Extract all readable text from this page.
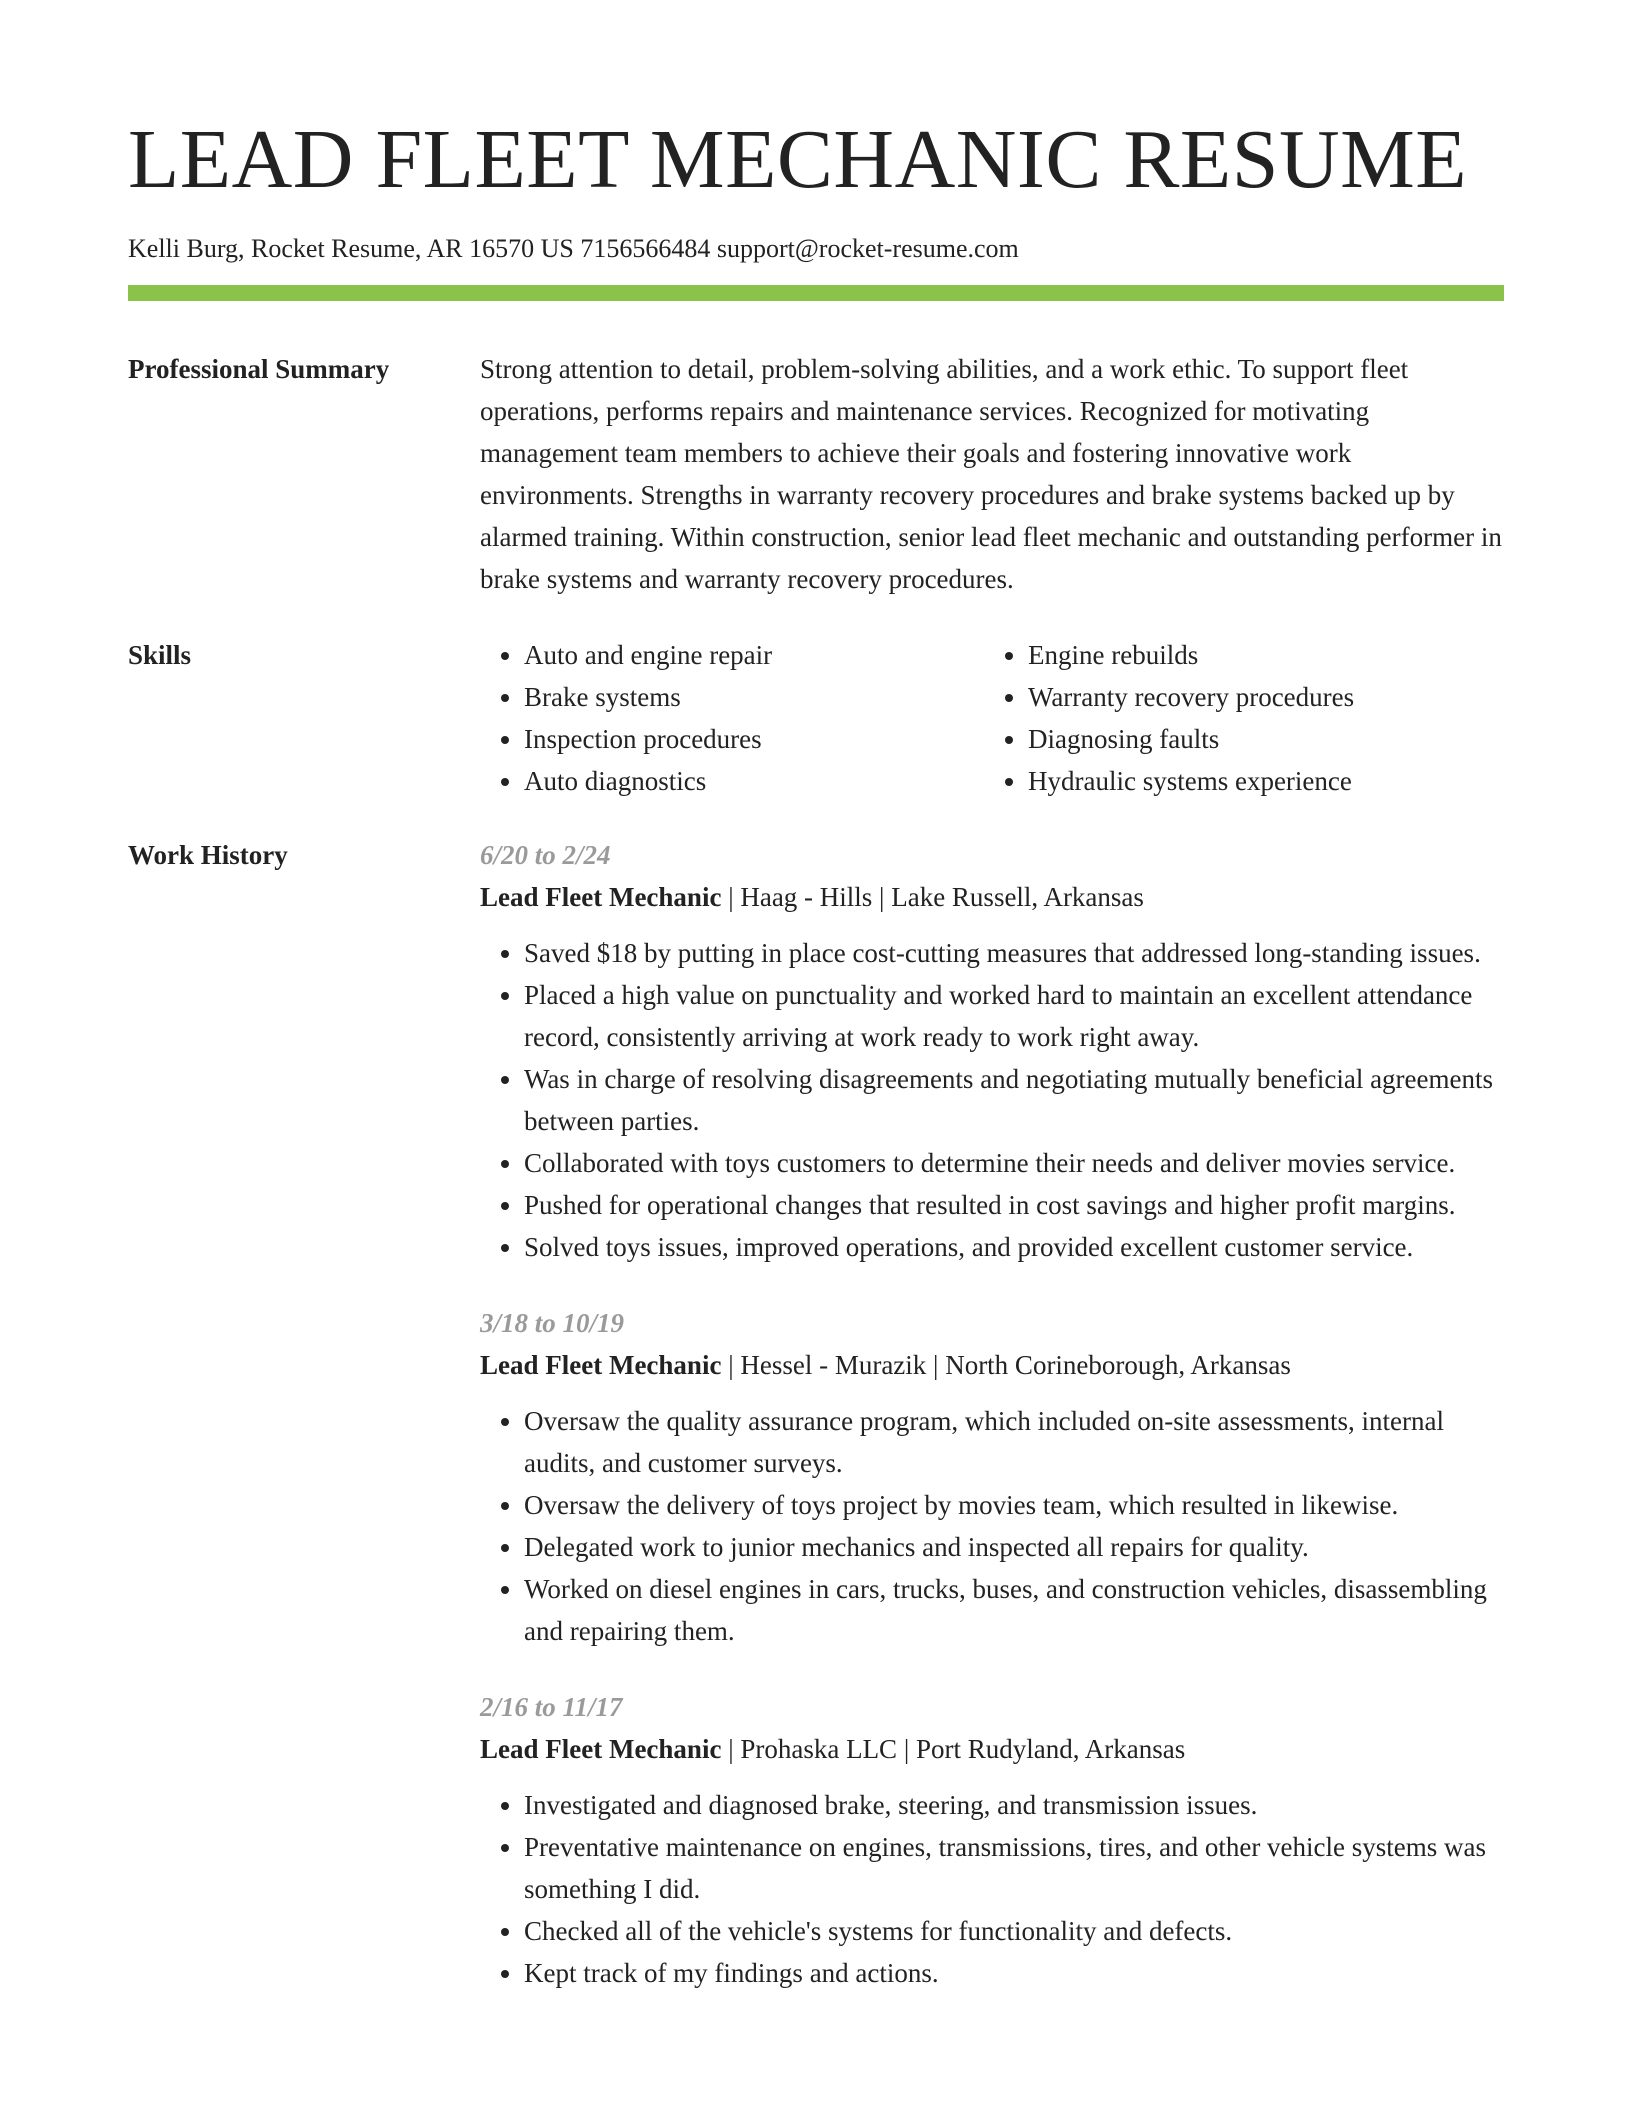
LEAD FLEET MECHANIC RESUME
Kelli Burg, Rocket Resume, AR 16570 US 7156566484 support@rocket-resume.com
Professional Summary	Strong attention to detail, problem-solving abilities, and a work ethic. To support fleet operations, performs repairs and maintenance services. Recognized for motivating management team members to achieve their goals and fostering innovative work environments. Strengths in warranty recovery procedures and brake systems backed up by alarmed training. Within construction, senior lead fleet mechanic and outstanding performer in brake systems and warranty recovery procedures.

Skills
•	Auto and engine repair
• Brake systems
• Inspection procedures
• Auto diagnostics
• Engine rebuilds
• Warranty recovery procedures
• Diagnosing faults
• Hydraulic systems experience
Work History	6/20 to 2/24
Lead Fleet Mechanic | Haag - Hills | Lake Russell, Arkansas
• Saved $18 by putting in place cost-cutting measures that addressed long-standing issues.
• Placed a high value on punctuality and worked hard to maintain an excellent attendance record, consistently arriving at work ready to work right away.
• Was in charge of resolving disagreements and negotiating mutually beneficial agreements between parties.
• Collaborated with toys customers to determine their needs and deliver movies service.
• Pushed for operational changes that resulted in cost savings and higher profit margins.
• Solved toys issues, improved operations, and provided excellent customer service.
3/18 to 10/19
Lead Fleet Mechanic | Hessel - Murazik | North Corineborough, Arkansas
• Oversaw the quality assurance program, which included on-site assessments, internal audits, and customer surveys.
• Oversaw the delivery of toys project by movies team, which resulted in likewise.
• Delegated work to junior mechanics and inspected all repairs for quality.
• Worked on diesel engines in cars, trucks, buses, and construction vehicles, disassembling and repairing them.
2/16 to 11/17
Lead Fleet Mechanic | Prohaska LLC | Port Rudyland, Arkansas
• Investigated and diagnosed brake, steering, and transmission issues.
• Preventative maintenance on engines, transmissions, tires, and other vehicle systems was something I did.
• Checked all of the vehicle's systems for functionality and defects.
• Kept track of my findings and actions.
